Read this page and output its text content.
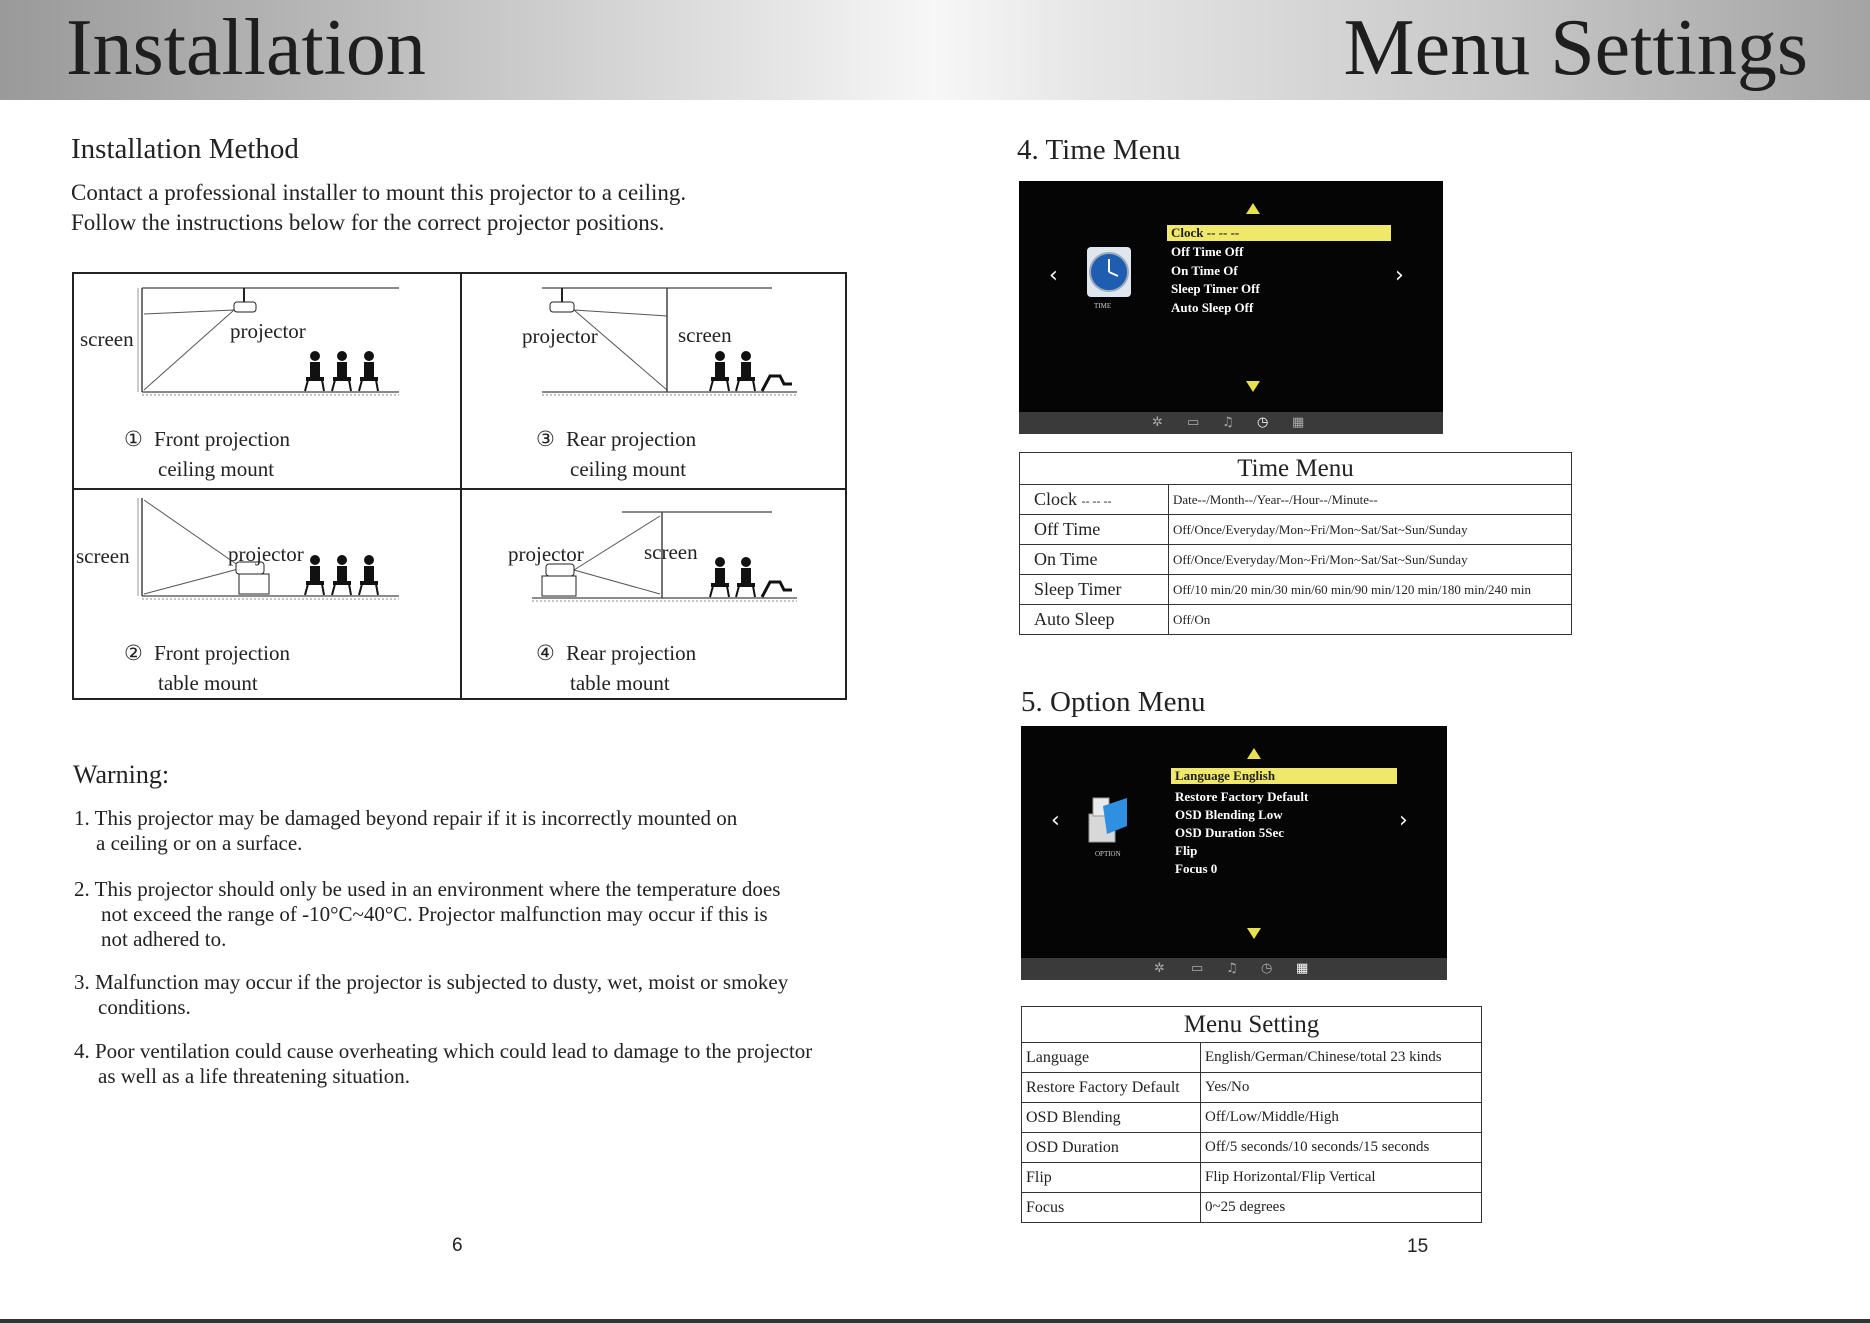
Installation	Menu Settings
Installation Method
Contact a professional installer to mount this projector to a ceiling.
Follow the instructions below for the correct projector positions.
screen	projector
① Front projection
ceiling mount
projector	screen
③ Rear projection
ceiling mount
screen	projector
② Front projection
table mount
projector	screen
④ Rear projection
table mount
Warning:
1. This projector may be damaged beyond repair if it is incorrectly mounted on
a ceiling or on a surface.
2. This projector should only be used in an environment where the temperature does
not exceed the range of -10°C~40°C. Projector malfunction may occur if this is
not adhered to.
3. Malfunction may occur if the projector is subjected to dusty, wet, moist or smokey
conditions.
4. Poor ventilation could cause overheating which could lead to damage to the projector
as well as a life threatening situation.
6
4. Time Menu
‹	›
TIME
Clock -- -- --
Off Time Off
On Time Of
Sleep Timer Off
Auto Sleep Off
✲ ▭ ♫ ◷ ▦
Time Menu	
Clock -- -- --	Date--/Month--/Year--/Hour--/Minute--
Off Time	Off/Once/Everyday/Mon~Fri/Mon~Sat/Sat~Sun/Sunday
On Time	Off/Once/Everyday/Mon~Fri/Mon~Sat/Sat~Sun/Sunday
Sleep Timer	Off/10 min/20 min/30 min/60 min/90 min/120 min/180 min/240 min
Auto Sleep	Off/On
5. Option Menu
‹	›
OPTION
Language English
Restore Factory Default
OSD Blending Low
OSD Duration 5Sec
Flip
Focus 0
✲ ▭ ♫ ◷ ▦
Menu Setting	
Language	English/German/Chinese/total 23 kinds
Restore Factory Default	Yes/No
OSD Blending	Off/Low/Middle/High
OSD Duration	Off/5 seconds/10 seconds/15 seconds
Flip	Flip Horizontal/Flip Vertical
Focus	0~25 degrees
15
